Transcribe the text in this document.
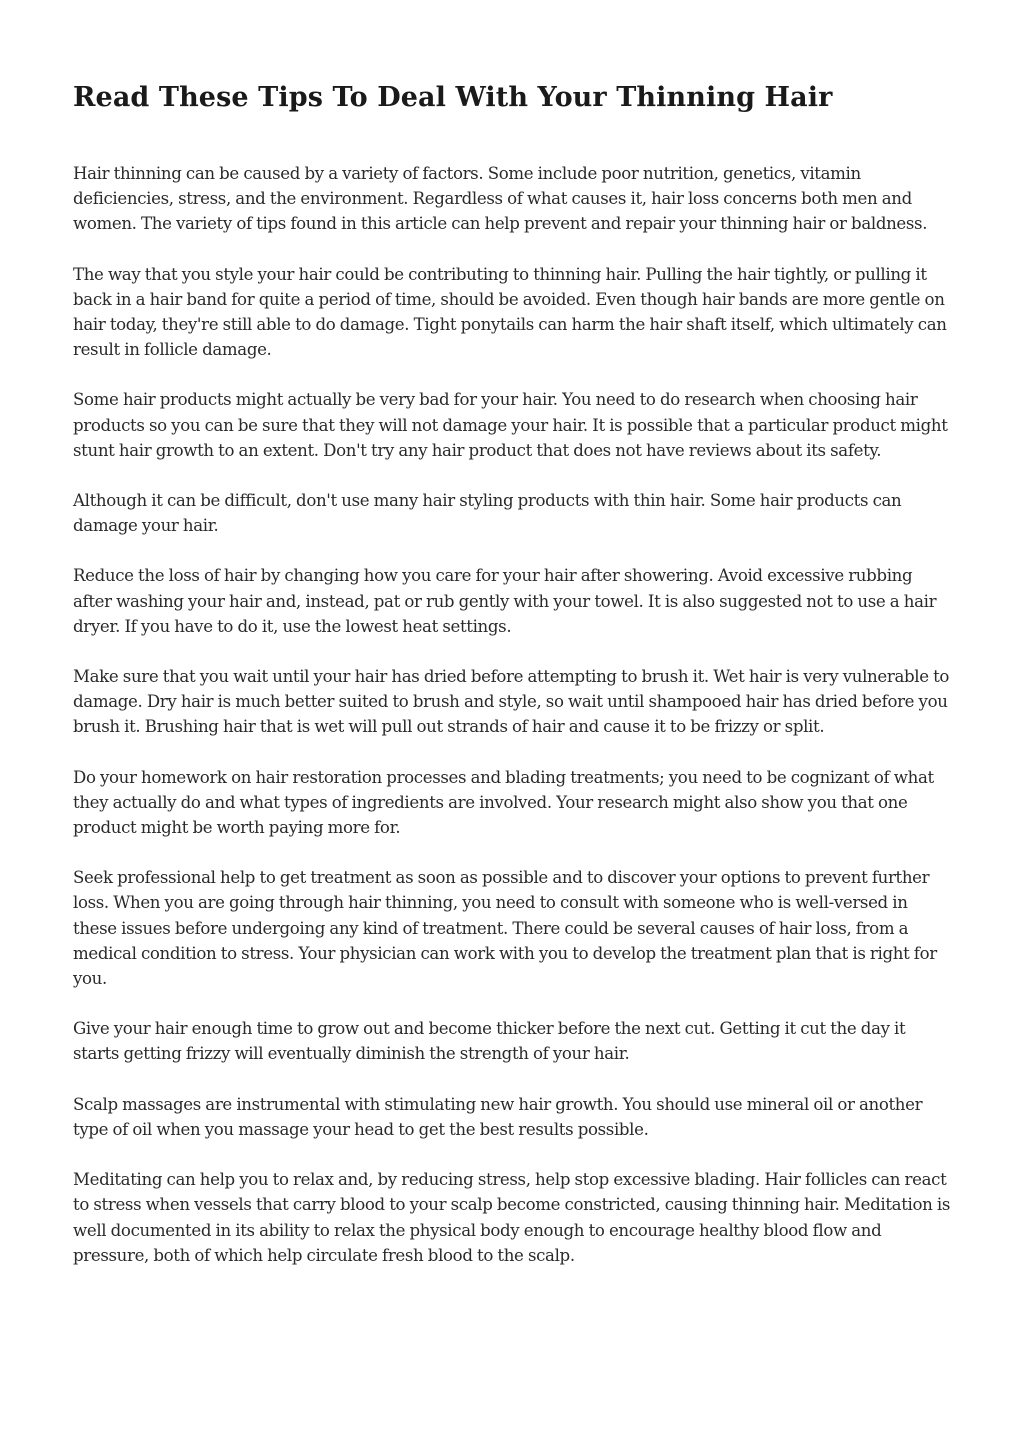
Read These Tips To Deal With Your Thinning Hair

Hair thinning can be caused by a variety of factors. Some include poor nutrition, genetics, vitamin deficiencies, stress, and the environment. Regardless of what causes it, hair loss concerns both men and women. The variety of tips found in this article can help prevent and repair your thinning hair or baldness.

The way that you style your hair could be contributing to thinning hair. Pulling the hair tightly, or pulling it back in a hair band for quite a period of time, should be avoided. Even though hair bands are more gentle on hair today, they're still able to do damage. Tight ponytails can harm the hair shaft itself, which ultimately can result in follicle damage.

Some hair products might actually be very bad for your hair. You need to do research when choosing hair products so you can be sure that they will not damage your hair. It is possible that a particular product might stunt hair growth to an extent. Don't try any hair product that does not have reviews about its safety.

Although it can be difficult, don't use many hair styling products with thin hair. Some hair products can damage your hair.

Reduce the loss of hair by changing how you care for your hair after showering. Avoid excessive rubbing after washing your hair and, instead, pat or rub gently with your towel. It is also suggested not to use a hair dryer. If you have to do it, use the lowest heat settings.

Make sure that you wait until your hair has dried before attempting to brush it. Wet hair is very vulnerable to damage. Dry hair is much better suited to brush and style, so wait until shampooed hair has dried before you brush it. Brushing hair that is wet will pull out strands of hair and cause it to be frizzy or split.

Do your homework on hair restoration processes and blading treatments; you need to be cognizant of what they actually do and what types of ingredients are involved. Your research might also show you that one product might be worth paying more for.

Seek professional help to get treatment as soon as possible and to discover your options to prevent further loss. When you are going through hair thinning, you need to consult with someone who is well-versed in these issues before undergoing any kind of treatment. There could be several causes of hair loss, from a medical condition to stress. Your physician can work with you to develop the treatment plan that is right for you.

Give your hair enough time to grow out and become thicker before the next cut. Getting it cut the day it starts getting frizzy will eventually diminish the strength of your hair.

Scalp massages are instrumental with stimulating new hair growth. You should use mineral oil or another type of oil when you massage your head to get the best results possible.

Meditating can help you to relax and, by reducing stress, help stop excessive blading. Hair follicles can react to stress when vessels that carry blood to your scalp become constricted, causing thinning hair. Meditation is well documented in its ability to relax the physical body enough to encourage healthy blood flow and pressure, both of which help circulate fresh blood to the scalp.
